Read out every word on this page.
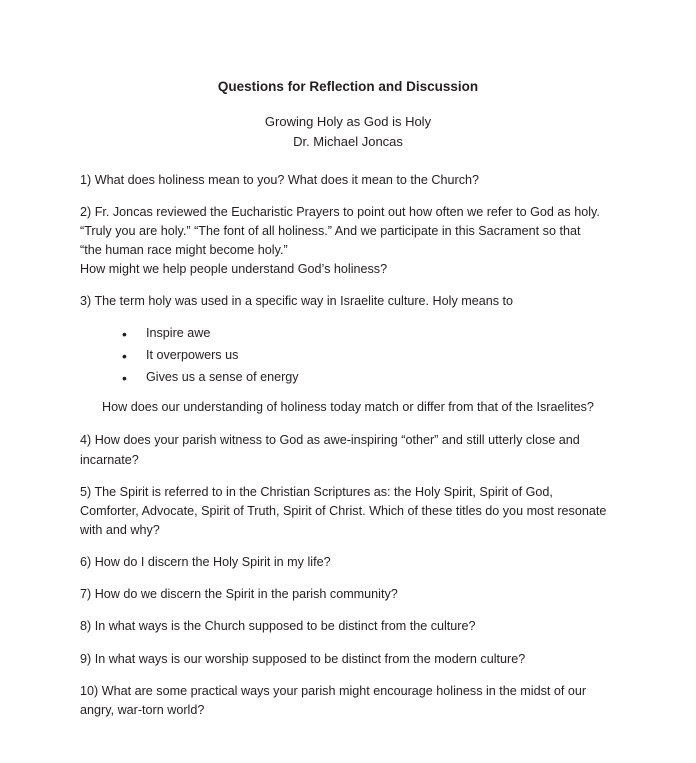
Questions for Reflection and Discussion
Growing Holy as God is Holy
Dr. Michael Joncas

1) What does holiness mean to you? What does it mean to the Church?

2) Fr. Joncas reviewed the Eucharistic Prayers to point out how often we refer to God as holy.
“Truly you are holy.” “The font of all holiness.” And we participate in this Sacrament so that
“the human race might become holy.”
How might we help people understand God’s holiness?

3) The term holy was used in a specific way in Israelite culture. Holy means to

• Inspire awe
• It overpowers us
• Gives us a sense of energy

How does our understanding of holiness today match or differ from that of the Israelites?

4) How does your parish witness to God as awe-inspiring “other” and still utterly close and
incarnate?
5) The Spirit is referred to in the Christian Scriptures as: the Holy Spirit, Spirit of God,
Comforter, Advocate, Spirit of Truth, Spirit of Christ. Which of these titles do you most resonate
with and why?

6) How do I discern the Holy Spirit in my life?

7) How do we discern the Spirit in the parish community?

8) In what ways is the Church supposed to be distinct from the culture?

9) In what ways is our worship supposed to be distinct from the modern culture?

10) What are some practical ways your parish might encourage holiness in the midst of our
angry, war-torn world?
